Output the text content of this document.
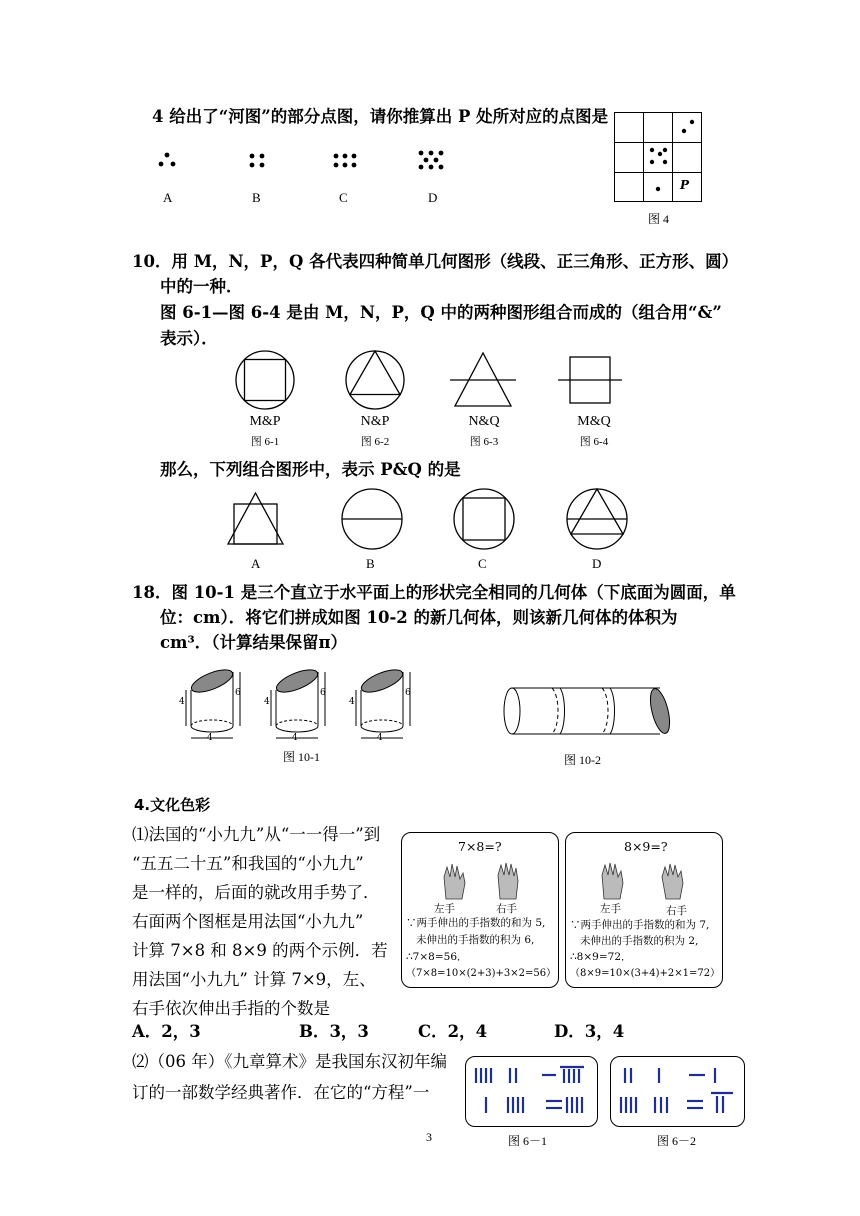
4 给出了“河图”的部分点图，请你推算出 P 处所对应的点图是
A	B	C	D
P
图 4
10．用 M，N，P，Q 各代表四种简单几何图形（线段、正三角形、正方形、圆）
中的一种．
图 6-1—图 6-4 是由 M，N，P，Q 中的两种图形组合而成的（组合用“&”
表示）．
M&P
图 6-1
N&P
图 6-2
N&Q
图 6-3
M&Q
图 6-4
那么，下列组合图形中，表示 P&Q 的是
A	B	C	D
18．图 10-1 是三个直立于水平面上的形状完全相同的几何体（下底面为圆面，单
位：cm）．将它们拼成如图 10-2 的新几何体，则该新几何体的体积为
cm³．（计算结果保留π）
4
6
4
4
6
4
4
6
4
图 10-1	图 10-2
4.文化色彩
⑴法国的“小九九”从“一一得一”到
“五五二十五”和我国的“小九九”
是一样的，后面的就改用手势了．
右面两个图框是用法国“小九九”
计算 7×8 和 8×9 的两个示例．若
用法国“小九九” 计算 7×9，左、
右手依次伸出手指的个数是
7×8=?
左手	右手
∵两手伸出的手指数的和为 5,
未伸出的手指数的积为 6,
∴7×8=56．
（7×8=10×(2+3)+3×2=56）
8×9=?
左手	右手
∵两手伸出的手指数的和为 7,
未伸出的手指数的积为 2,
∴8×9=72．
（8×9=10×(3+4)+2×1=72）
A．2，3	B．3，3	C．2，4	D．3，4
⑵（06 年）《九章算术》是我国东汉初年编
订的一部数学经典著作．在它的“方程”一
图 6－1	图 6－2
3
